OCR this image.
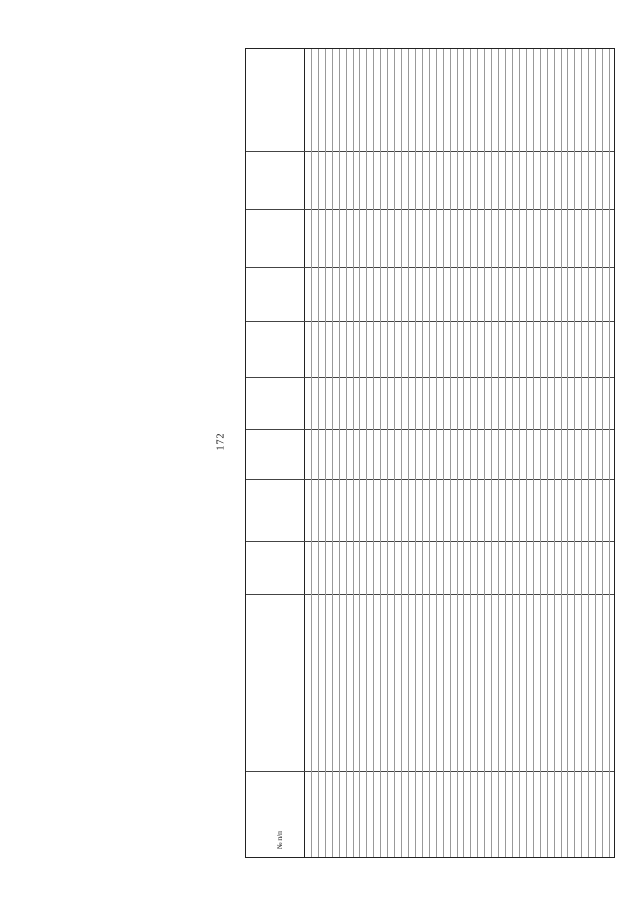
172
№ п/п
